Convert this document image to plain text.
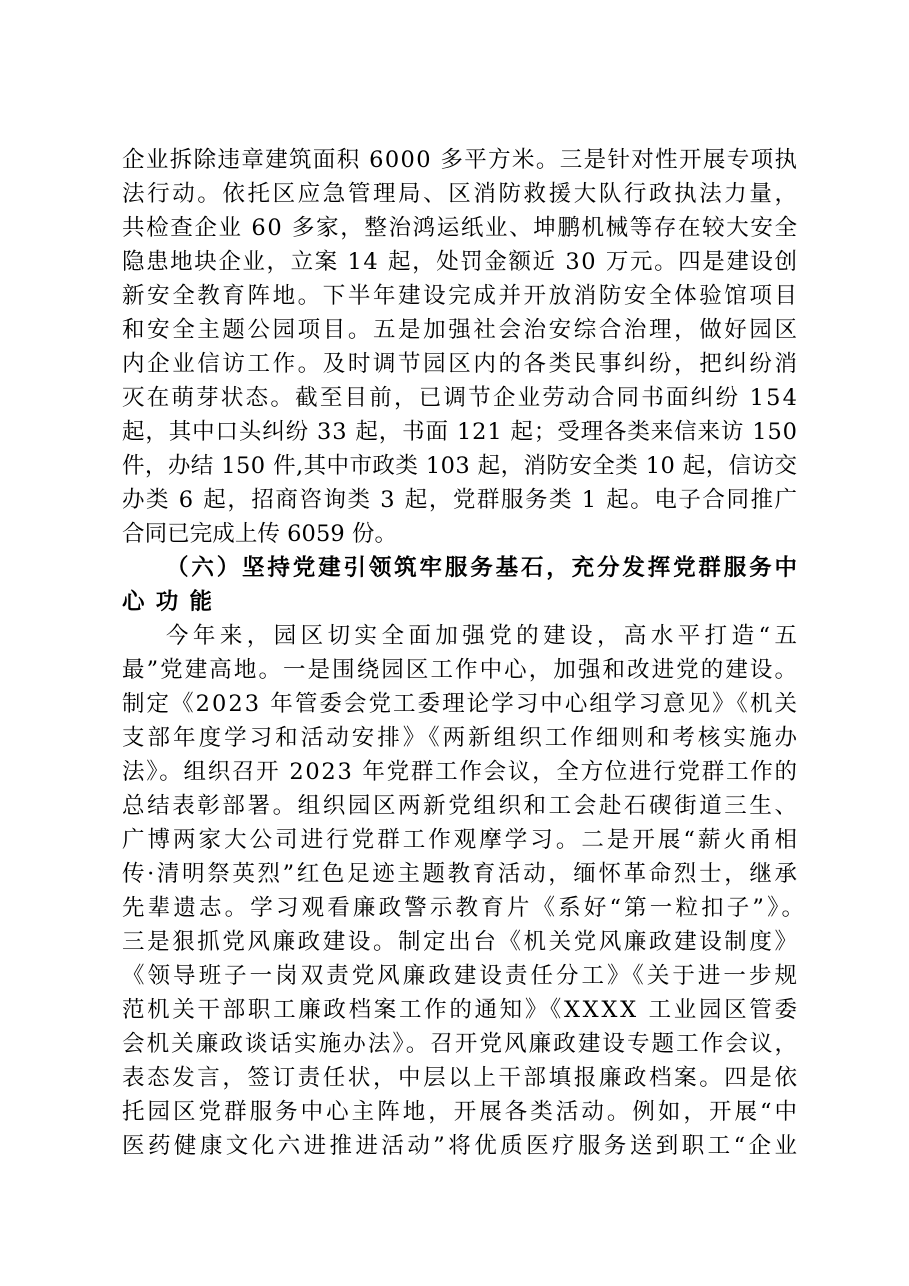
企业拆除违章建筑面积 6000 多平方米。三是针对性开展专项执
法行动。依托区应急管理局、区消防救援大队行政执法力量，
共检查企业 60 多家，整治鸿运纸业、坤鹏机械等存在较大安全
隐患地块企业，立案 14 起，处罚金额近 30 万元。四是建设创
新安全教育阵地。下半年建设完成并开放消防安全体验馆项目
和安全主题公园项目。五是加强社会治安综合治理，做好园区
内企业信访工作。及时调节园区内的各类民事纠纷，把纠纷消
灭在萌芽状态。截至目前，已调节企业劳动合同书面纠纷 154
起，其中口头纠纷 33 起，书面 121 起；受理各类来信来访 150
件，办结 150 件,其中市政类 103 起，消防安全类 10 起，信访交
办类 6 起，招商咨询类 3 起，党群服务类 1 起。电子合同推广
合同已完成上传 6059 份。
（六）坚持党建引领筑牢服务基石，充分发挥党群服务中
心功能
今年来，园区切实全面加强党的建设，高水平打造“五
最”党建高地。一是围绕园区工作中心，加强和改进党的建设。
制定《2023 年管委会党工委理论学习中心组学习意见》《机关
支部年度学习和活动安排》《两新组织工作细则和考核实施办
法》。组织召开 2023 年党群工作会议，全方位进行党群工作的
总结表彰部署。组织园区两新党组织和工会赴石碶街道三生、
广博两家大公司进行党群工作观摩学习。二是开展“薪火甬相
传·清明祭英烈”红色足迹主题教育活动，缅怀革命烈士，继承
先辈遗志。学习观看廉政警示教育片《系好“第一粒扣子”》。
三是狠抓党风廉政建设。制定出台《机关党风廉政建设制度》
《领导班子一岗双责党风廉政建设责任分工》《关于进一步规
范机关干部职工廉政档案工作的通知》《XXXX 工业园区管委
会机关廉政谈话实施办法》。召开党风廉政建设专题工作会议，
表态发言，签订责任状，中层以上干部填报廉政档案。四是依
托园区党群服务中心主阵地，开展各类活动。例如，开展“中
医药健康文化六进推进活动”将优质医疗服务送到职工“企业
